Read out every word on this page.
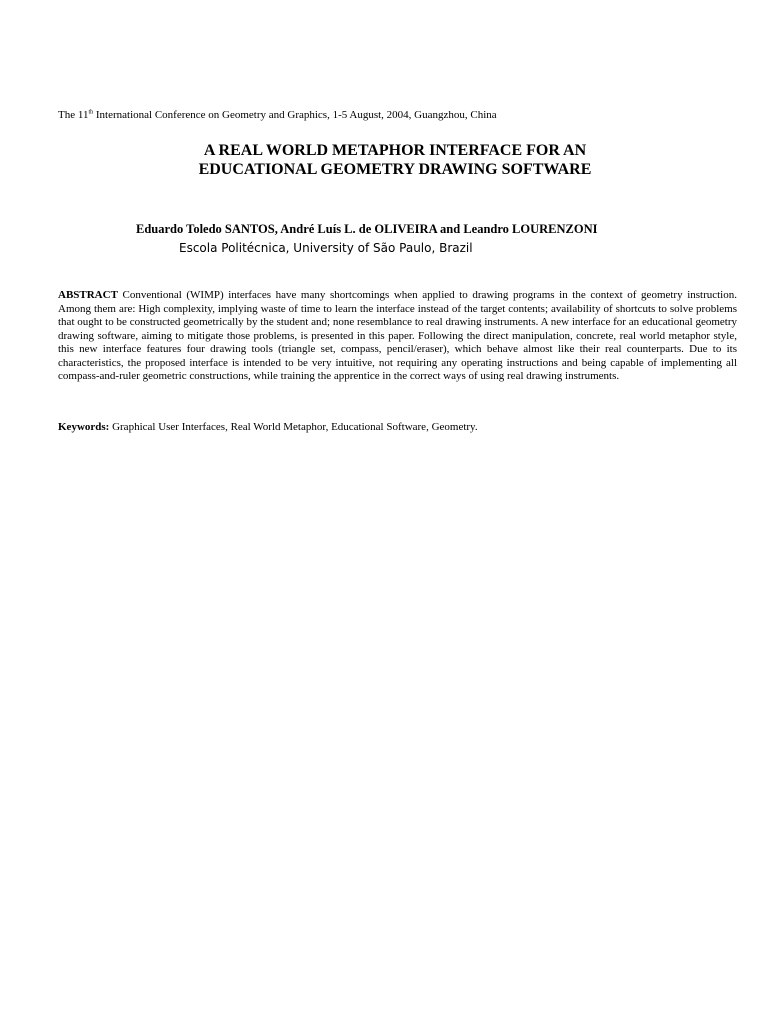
The 11th International Conference on Geometry and Graphics, 1-5 August, 2004, Guangzhou, China
A REAL WORLD METAPHOR INTERFACE FOR AN
EDUCATIONAL GEOMETRY DRAWING SOFTWARE
Eduardo Toledo SANTOS, André Luís L. de OLIVEIRA and Leandro LOURENZONI
Escola Politécnica, University of São Paulo, Brazil
ABSTRACT Conventional (WIMP) interfaces have many shortcomings when applied to drawing programs in the context of geometry instruction. Among them are: High complexity, implying waste of time to learn the interface instead of the target contents; availability of shortcuts to solve problems that ought to be constructed geometrically by the student and; none resemblance to real drawing instruments. A new interface for an educational geometry drawing software, aiming to mitigate those problems, is presented in this paper. Following the direct manipulation, concrete, real world metaphor style, this new interface features four drawing tools (triangle set, compass, pencil/eraser), which behave almost like their real counterparts. Due to its characteristics, the proposed interface is intended to be very intuitive, not requiring any operating instructions and being capable of implementing all compass-and-ruler geometric constructions, while training the apprentice in the correct ways of using real drawing instruments.
Keywords: Graphical User Interfaces, Real World Metaphor, Educational Software, Geometry.
